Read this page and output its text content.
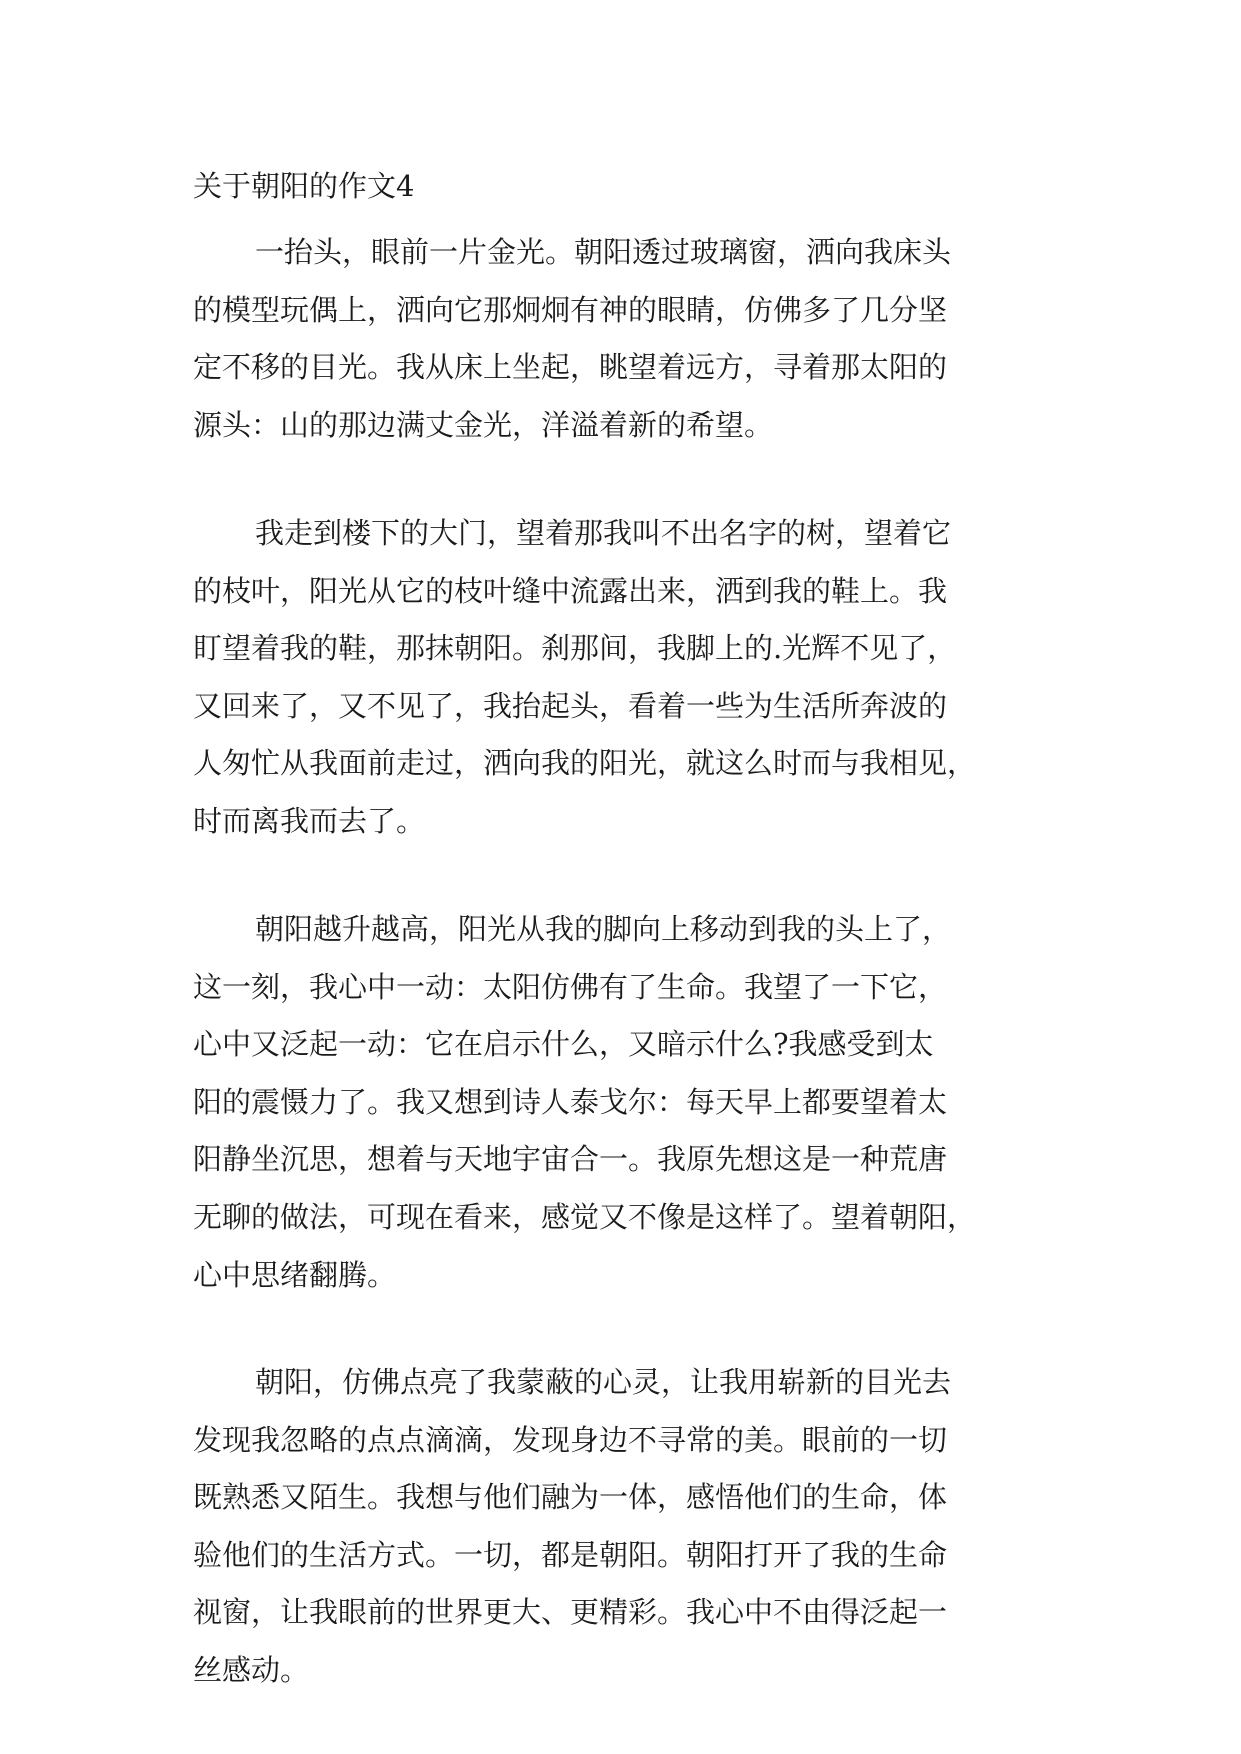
关于朝阳的作文4
一抬头，眼前一片金光。朝阳透过玻璃窗，洒向我床头
的模型玩偶上，洒向它那炯炯有神的眼睛，仿佛多了几分坚
定不移的目光。我从床上坐起，眺望着远方，寻着那太阳的
源头：山的那边满丈金光，洋溢着新的希望。
我走到楼下的大门，望着那我叫不出名字的树，望着它
的枝叶，阳光从它的枝叶缝中流露出来，洒到我的鞋上。我
盯望着我的鞋，那抹朝阳。刹那间，我脚上的.光辉不见了，
又回来了，又不见了，我抬起头，看着一些为生活所奔波的
人匆忙从我面前走过，洒向我的阳光，就这么时而与我相见，
时而离我而去了。
朝阳越升越高，阳光从我的脚向上移动到我的头上了，
这一刻，我心中一动：太阳仿佛有了生命。我望了一下它，
心中又泛起一动：它在启示什么，又暗示什么?我感受到太
阳的震慑力了。我又想到诗人泰戈尔：每天早上都要望着太
阳静坐沉思，想着与天地宇宙合一。我原先想这是一种荒唐
无聊的做法，可现在看来，感觉又不像是这样了。望着朝阳，
心中思绪翻腾。
朝阳，仿佛点亮了我蒙蔽的心灵，让我用崭新的目光去
发现我忽略的点点滴滴，发现身边不寻常的美。眼前的一切
既熟悉又陌生。我想与他们融为一体，感悟他们的生命，体
验他们的生活方式。一切，都是朝阳。朝阳打开了我的生命
视窗，让我眼前的世界更大、更精彩。我心中不由得泛起一
丝感动。
